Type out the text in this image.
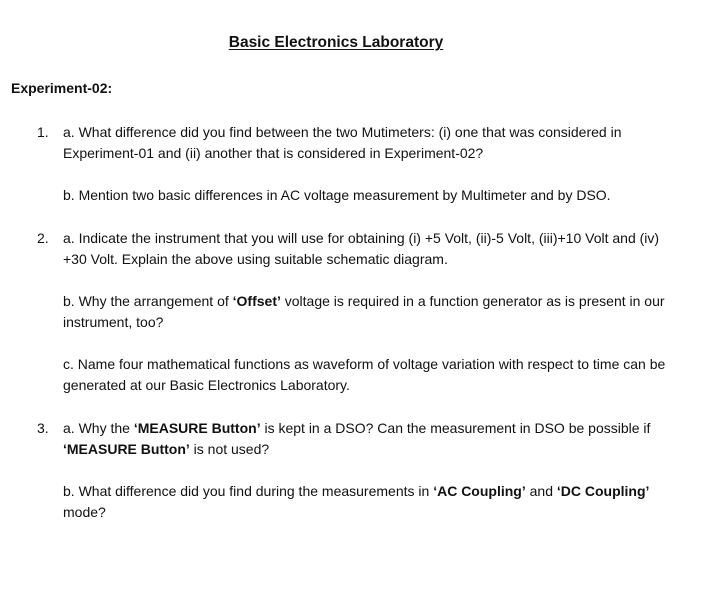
Basic Electronics Laboratory
Experiment-02:
1. a. What difference did you find between the two Mutimeters: (i) one that was considered in Experiment-01 and (ii) another that is considered in Experiment-02?
b. Mention two basic differences in AC voltage measurement by Multimeter and by DSO.
2. a. Indicate the instrument that you will use for obtaining (i) +5 Volt, (ii)-5 Volt, (iii)+10 Volt and (iv) +30 Volt. Explain the above using suitable schematic diagram.
b. Why the arrangement of ‘Offset’ voltage is required in a function generator as is present in our instrument, too?
c. Name four mathematical functions as waveform of voltage variation with respect to time can be generated at our Basic Electronics Laboratory.
3. a. Why the ‘MEASURE Button’ is kept in a DSO? Can the measurement in DSO be possible if ‘MEASURE Button’ is not used?
b. What difference did you find during the measurements in ‘AC Coupling’ and ‘DC Coupling’ mode?
